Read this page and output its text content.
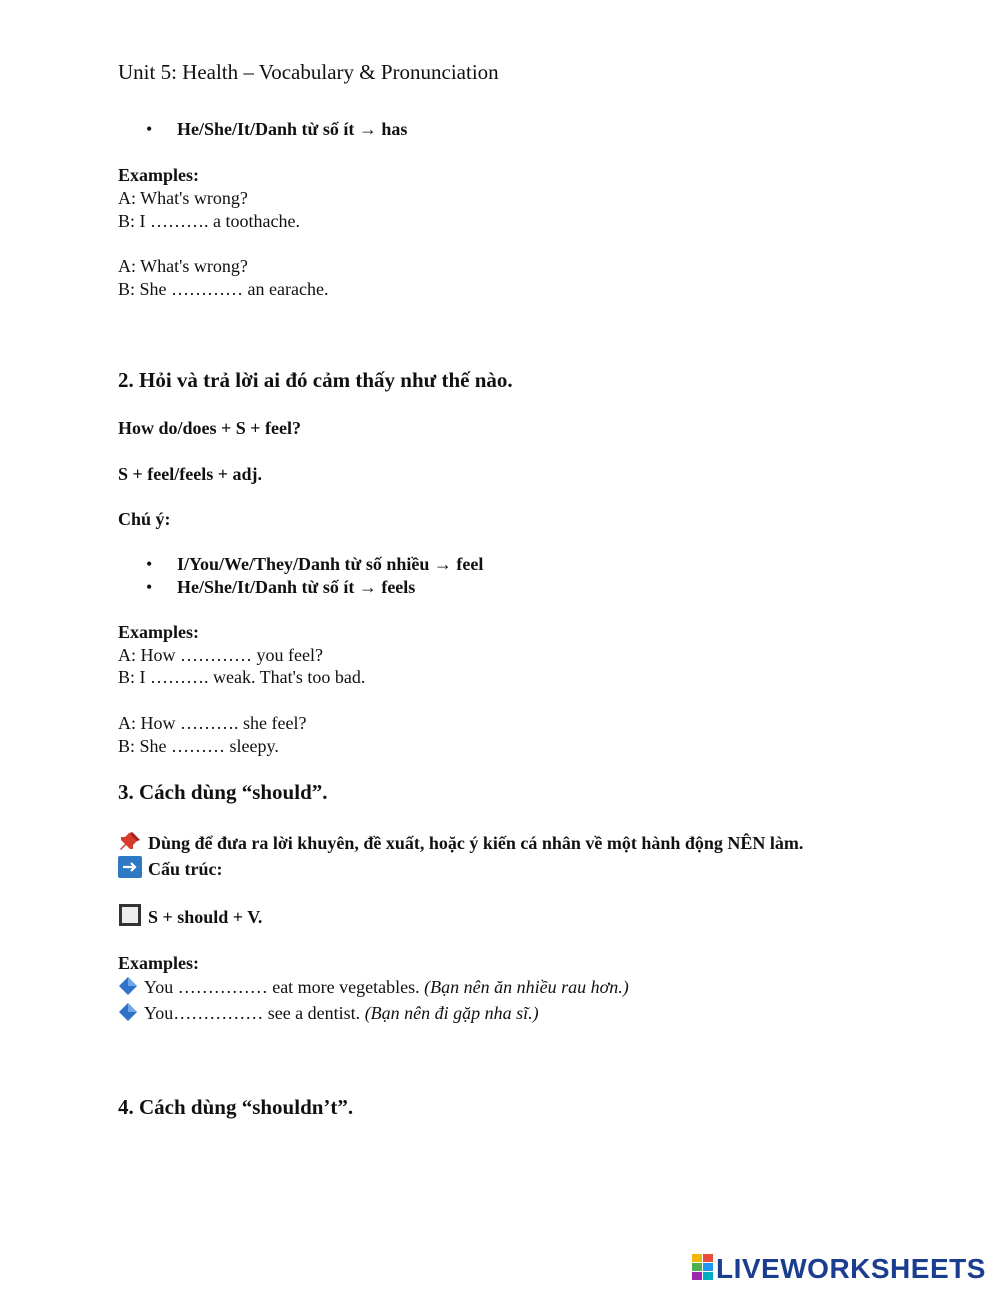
Unit 5: Health – Vocabulary & Pronunciation
• He/She/It/Danh từ số ít → has
Examples:
A: What's wrong?
B: I ………. a toothache.
A: What's wrong?
B: She ………… an earache.
2. Hỏi và trả lời ai đó cảm thấy như thế nào.
How do/does + S + feel?
S + feel/feels + adj.
Chú ý:
• I/You/We/They/Danh từ số nhiều → feel
• He/She/It/Danh từ số ít → feels
Examples:
A: How ………… you feel?
B: I ………. weak. That's too bad.
A: How ………. she feel?
B: She ……… sleepy.
3. Cách dùng “should”.
Dùng để đưa ra lời khuyên, đề xuất, hoặc ý kiến cá nhân về một hành động NÊN làm.
Cấu trúc:
S + should + V.
Examples:
You …………… eat more vegetables. (Bạn nên ăn nhiều rau hơn.)
You…………… see a dentist. (Bạn nên đi gặp nha sĩ.)
4. Cách dùng “shouldn’t”.
LIVEWORKSHEETS
